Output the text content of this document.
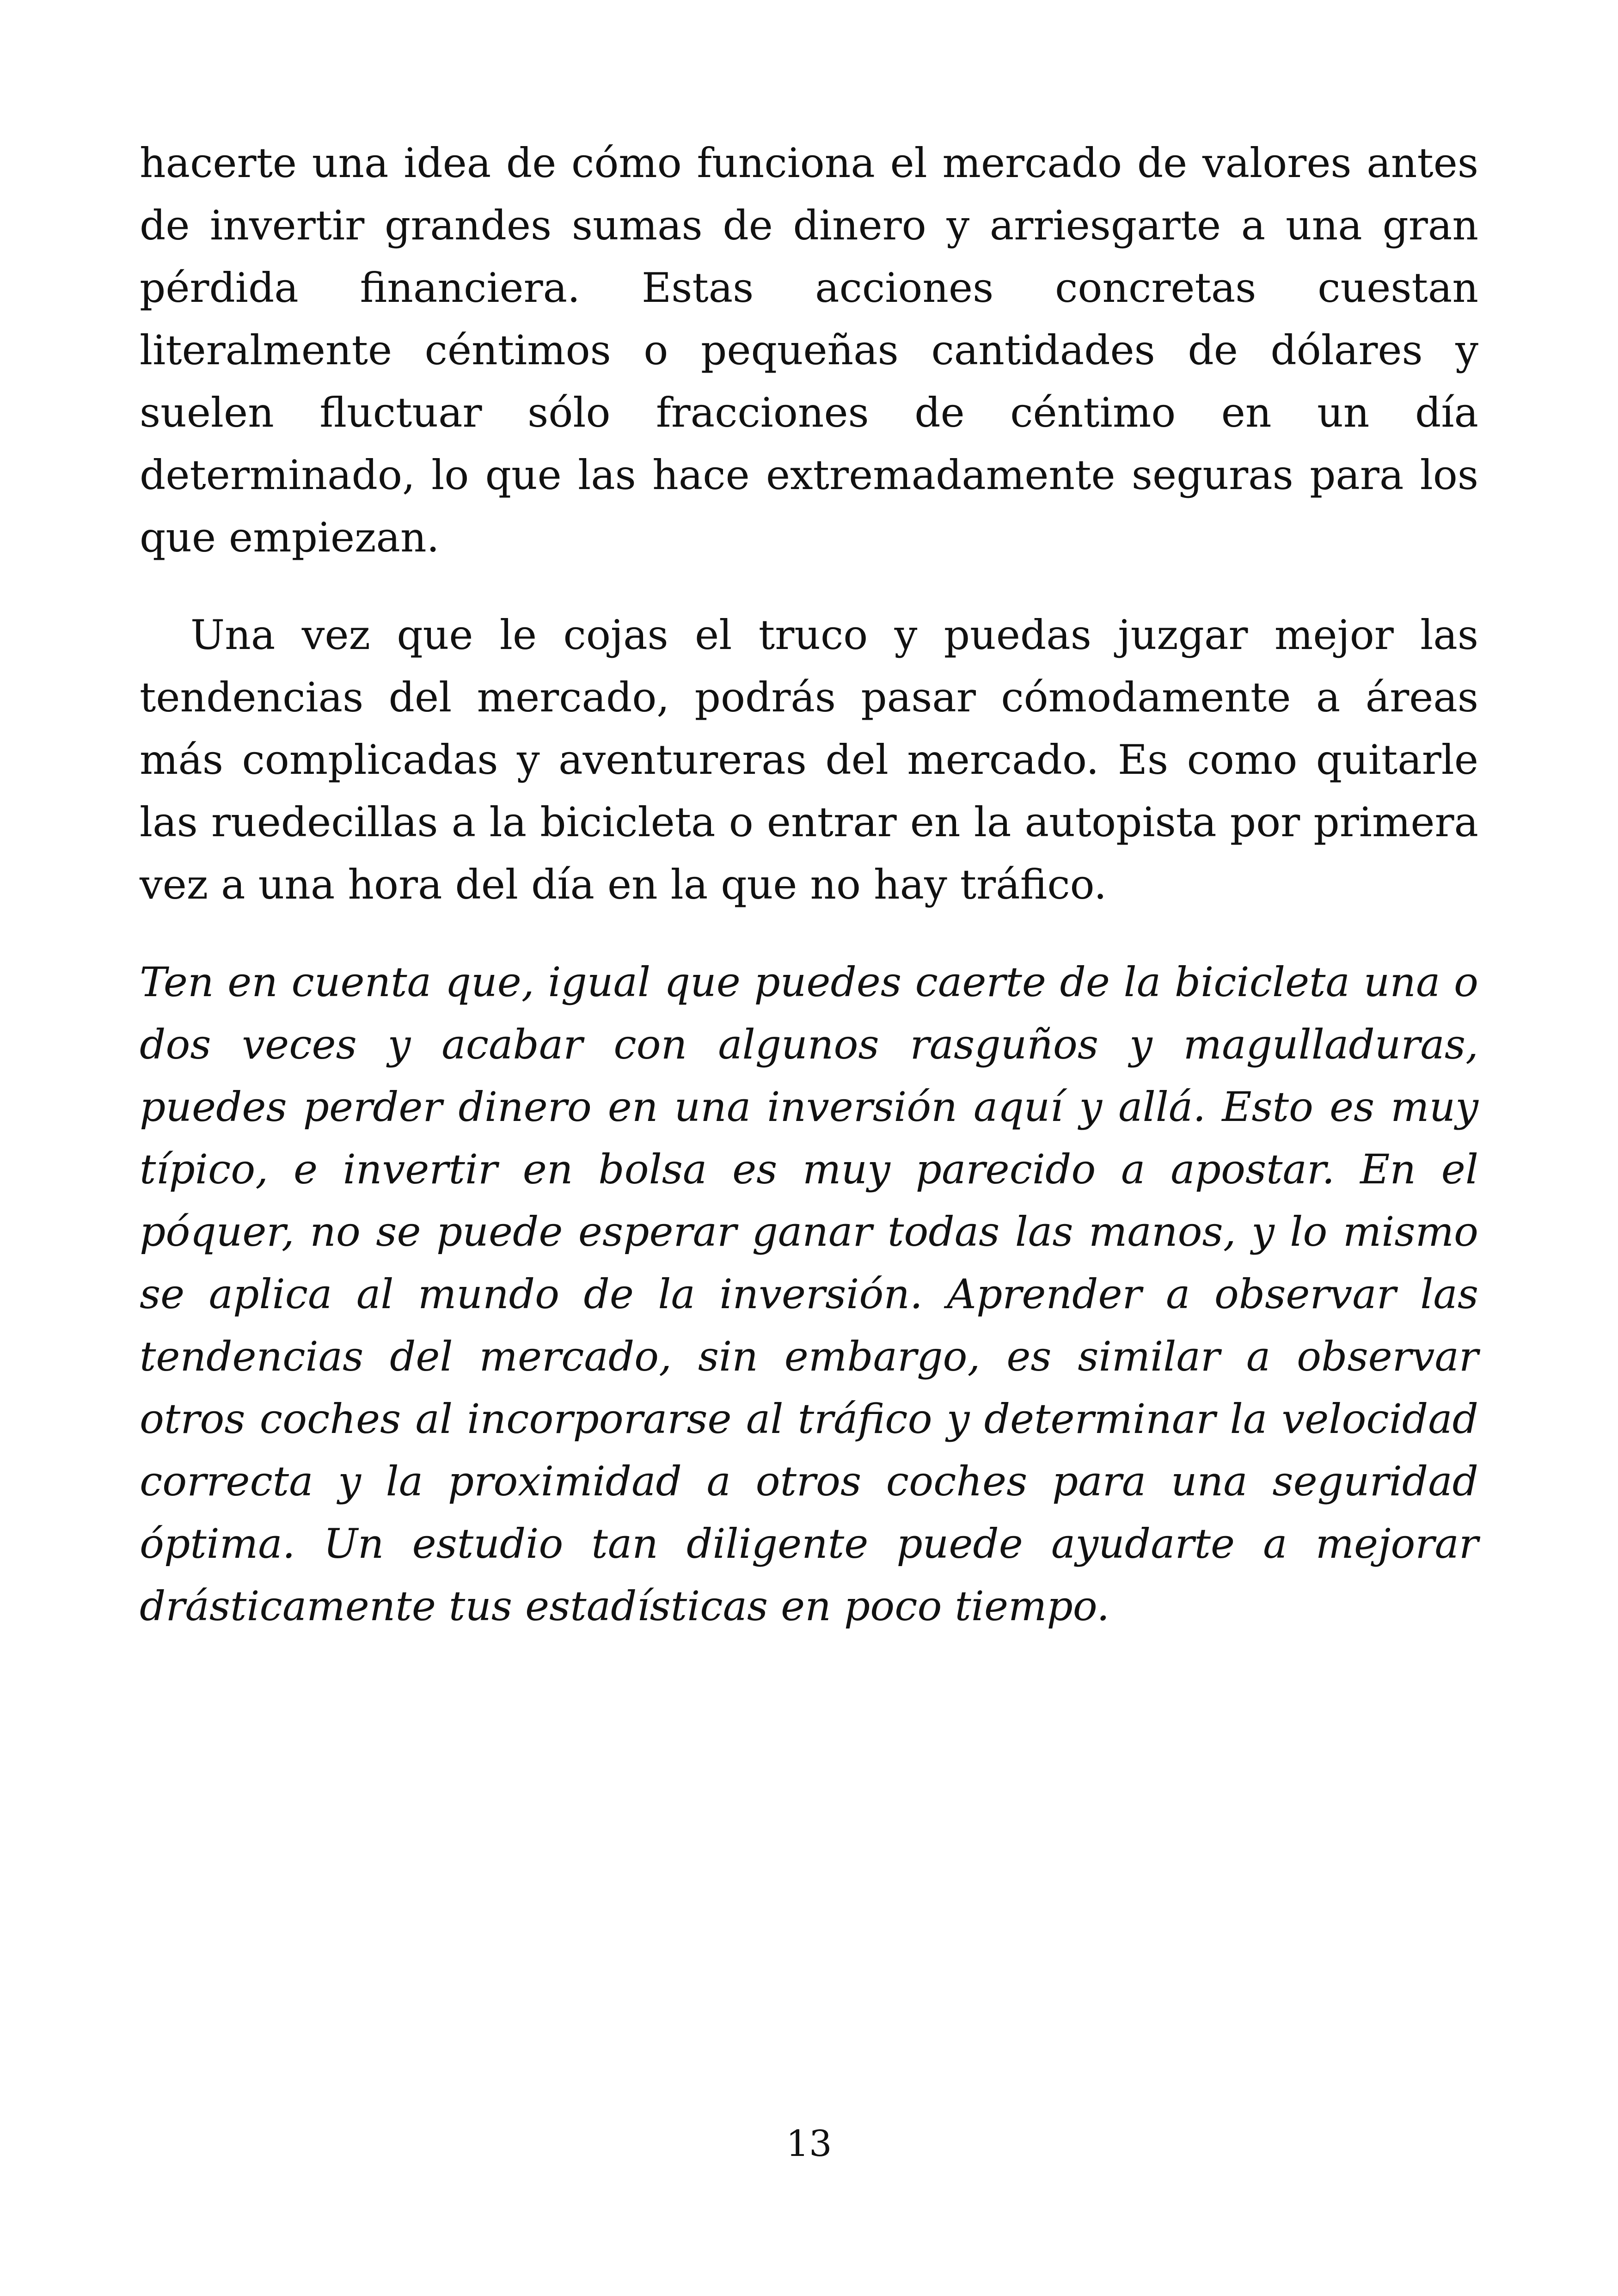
hacerte una idea de cómo funciona el mercado de valores antes de invertir grandes sumas de dinero y arriesgarte a una gran pérdida financiera. Estas acciones concretas cuestan literalmente céntimos o pequeñas cantidades de dólares y suelen fluctuar sólo fracciones de céntimo en un día determinado, lo que las hace extremadamente seguras para los que empiezan.

Una vez que le cojas el truco y puedas juzgar mejor las tendencias del mercado, podrás pasar cómodamente a áreas más complicadas y aventureras del mercado. Es como quitarle las ruedecillas a la bicicleta o entrar en la autopista por primera vez a una hora del día en la que no hay tráfico.

Ten en cuenta que, igual que puedes caerte de la bicicleta una o dos veces y acabar con algunos rasguños y magulladuras, puedes perder dinero en una inversión aquí y allá. Esto es muy típico, e invertir en bolsa es muy parecido a apostar. En el póquer, no se puede esperar ganar todas las manos, y lo mismo se aplica al mundo de la inversión. Aprender a observar las tendencias del mercado, sin embargo, es similar a observar otros coches al incorporarse al tráfico y determinar la velocidad correcta y la proximidad a otros coches para una seguridad óptima. Un estudio tan diligente puede ayudarte a mejorar drásticamente tus estadísticas en poco tiempo.

13
